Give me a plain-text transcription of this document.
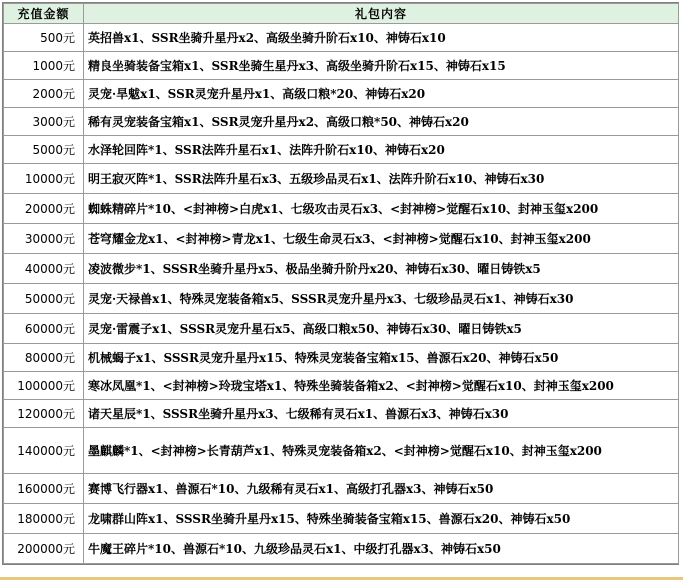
充值金额	礼包内容
500元	英招兽x1、SSR坐骑升星丹x2、高级坐骑升阶石x10、神铸石x10
1000元	精良坐骑装备宝箱x1、SSR坐骑生星丹x3、高级坐骑升阶石x15、神铸石x15
2000元	灵宠·旱魃x1、SSR灵宠升星丹x1、高级口粮*20、神铸石x20
3000元	稀有灵宠装备宝箱x1、SSR灵宠升星丹x2、高级口粮*50、神铸石x20
5000元	水泽轮回阵*1、SSR法阵升星石x1、法阵升阶石x10、神铸石x20
10000元	明王寂灭阵*1、SSR法阵升星石x3、五级珍品灵石x1、法阵升阶石x10、神铸石x30
20000元	蜘蛛精碎片*10、<封神榜>白虎x1、七级攻击灵石x3、<封神榜>觉醒石x10、封神玉玺x200
30000元	苍穹耀金龙x1、<封神榜>青龙x1、七级生命灵石x3、<封神榜>觉醒石x10、封神玉玺x200
40000元	凌波微步*1、SSSR坐骑升星丹x5、极品坐骑升阶丹x20、神铸石x30、曜日铸铁x5
50000元	灵宠·天禄兽x1、特殊灵宠装备箱x5、SSSR灵宠升星丹x3、七级珍品灵石x1、神铸石x30
60000元	灵宠·雷震子x1、SSSR灵宠升星石x5、高级口粮x50、神铸石x30、曜日铸铁x5
80000元	机械蝎子x1、SSSR灵宠升星丹x15、特殊灵宠装备宝箱x15、兽源石x20、神铸石x50
100000元	寒冰凤凰*1、<封神榜>玲珑宝塔x1、特殊坐骑装备箱x2、<封神榜>觉醒石x10、封神玉玺x200
120000元	诸天星辰*1、SSSR坐骑升星丹x3、七级稀有灵石x1、兽源石x3、神铸石x30
140000元	墨麒麟*1、<封神榜>长青葫芦x1、特殊灵宠装备箱x2、<封神榜>觉醒石x10、封神玉玺x200
160000元	赛博飞行器x1、兽源石*10、九级稀有灵石x1、高级打孔器x3、神铸石x50
180000元	龙啸群山阵x1、SSSR坐骑升星丹x15、特殊坐骑装备宝箱x15、兽源石x20、神铸石x50
200000元	牛魔王碎片*10、兽源石*10、九级珍品灵石x1、中级打孔器x3、神铸石x50
